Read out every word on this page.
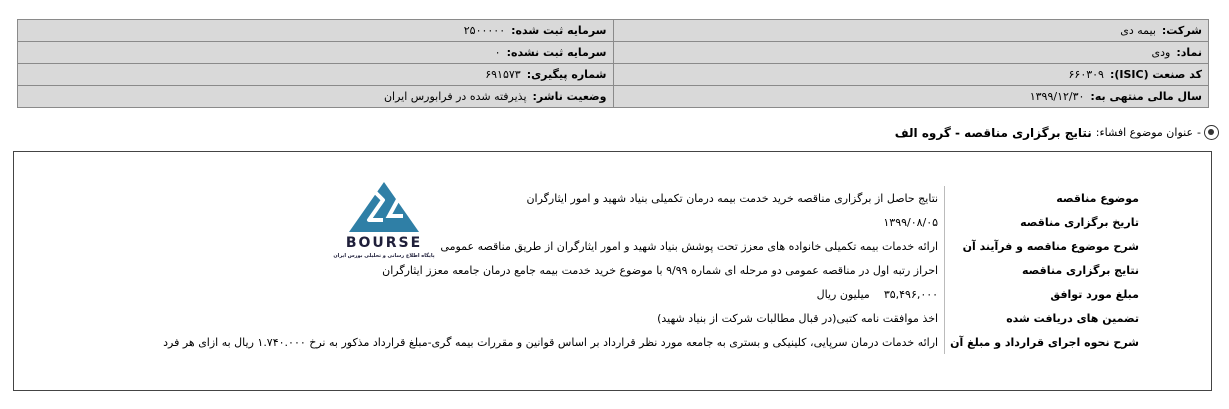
شرکت:بیمه دی	سرمایه ثبت شده:۲۵۰۰۰۰۰
نماد:ودی	سرمایه ثبت نشده:۰
کد صنعت (ISIC):۶۶۰۳۰۹	شماره پیگیری:۶۹۱۵۷۳
سال مالی منتهی به:۱۳۹۹/۱۲/۳۰	وضعیت ناشر:پذیرفته شده در فرابورس ایران
-
عنوان موضوع افشاء:
نتایج برگزاری مناقصه - گروه الف
موضوع مناقصه	نتایج حاصل از برگزاری مناقصه خرید خدمت بیمه درمان تکمیلی بنیاد شهید و امور ایثارگران
تاریخ برگزاری مناقصه	۱۳۹۹/۰۸/۰۵
شرح موضوع مناقصه و فرآیند آن	ارائه خدمات بیمه تکمیلی خانواده های معزز تحت پوشش بنیاد شهید و امور ایثارگران از طریق مناقصه عمومی
نتایج برگزاری مناقصه	احراز رتبه اول در مناقصه عمومی دو مرحله ای شماره ۹/۹۹ با موضوع خرید خدمت بیمه جامع درمان جامعه معزز ایثارگران
مبلغ مورد توافق	۳۵,۴۹۶,۰۰۰میلیون ریال
تضمین های دریافت شده	اخذ موافقت نامه کتبی(در قبال مطالبات شرکت از بنیاد شهید)
شرح نحوه اجرای قرارداد و مبلغ آن	ارائه خدمات درمان سرپایی، کلینیکی و بستری به جامعه مورد نظر قرارداد بر اساس قوانین و مقررات بیمه گری-مبلغ قرارداد مذکور به نرخ ۱.۷۴۰.۰۰۰ ریال به ازای هر فرد
BOURSE
پایگاه اطلاع رسانی و تحلیلی بورس ایران
